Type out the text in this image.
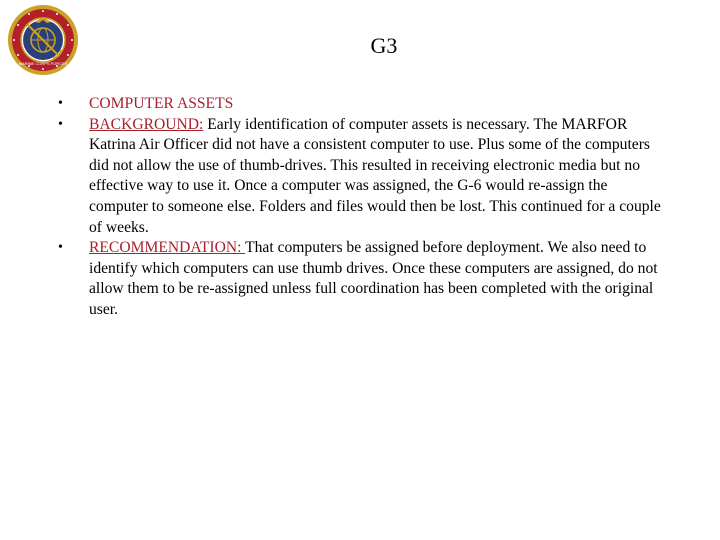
MARINE CORPS FORCES
G3
• COMPUTER ASSETS
• BACKGROUND: Early identification of computer assets is necessary. The MARFOR Katrina Air Officer did not have a consistent computer to use. Plus some of the computers did not allow the use of thumb-drives. This resulted in receiving electronic media but no effective way to use it. Once a computer was assigned, the G-6 would re-assign the computer to someone else. Folders and files would then be lost. This continued for a couple of weeks.
• RECOMMENDATION: That computers be assigned before deployment. We also need to identify which computers can use thumb drives. Once these computers are assigned, do not allow them to be re-assigned unless full coordination has been completed with the original user.
